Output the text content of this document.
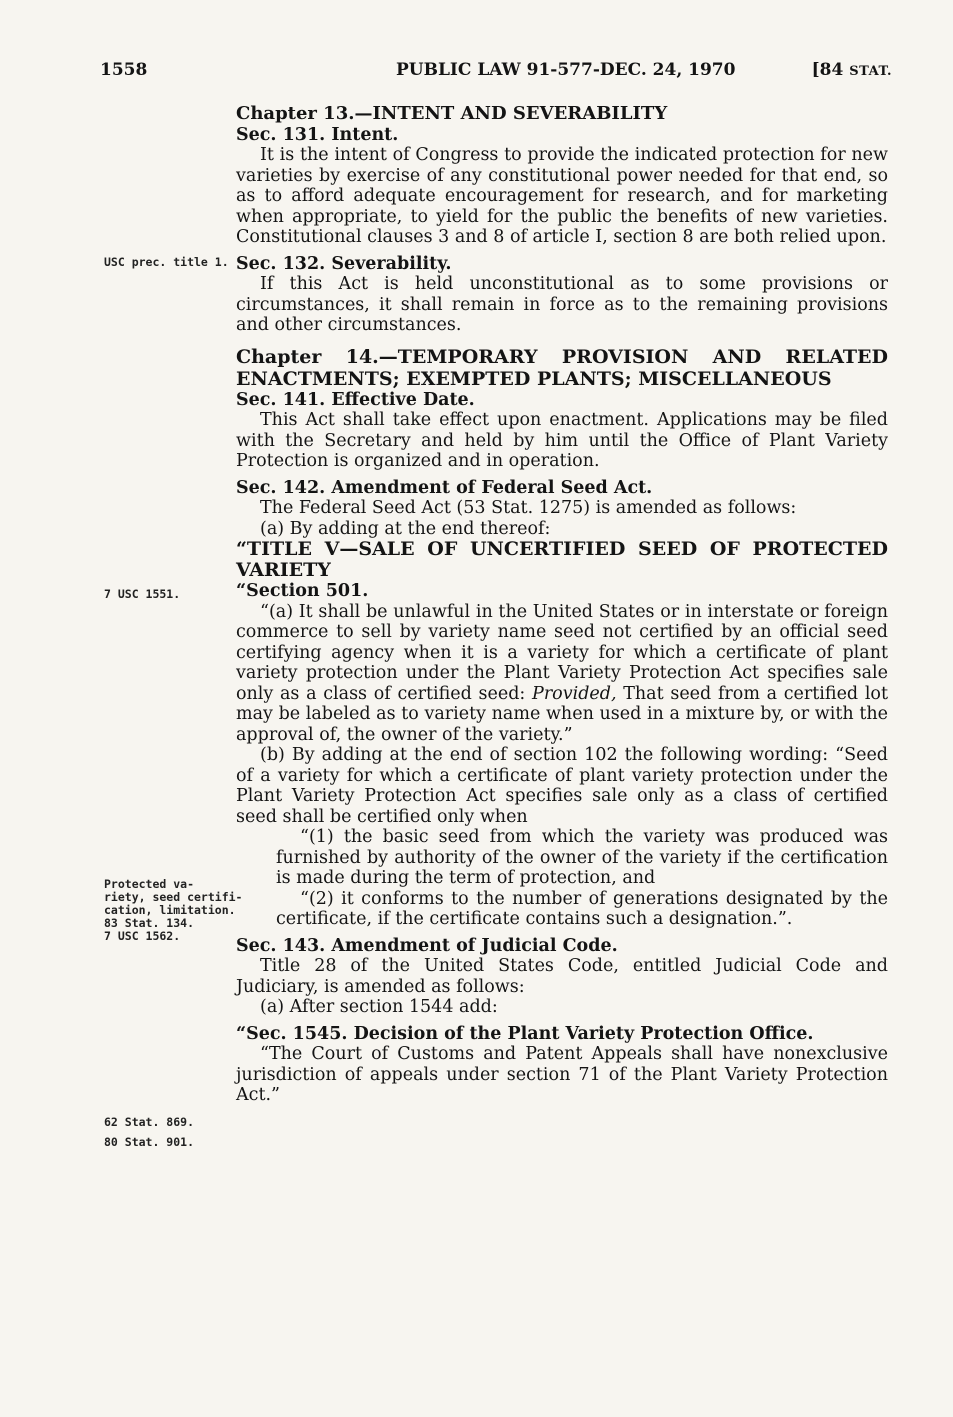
1558	PUBLIC LAW 91-577-DEC. 24, 1970	[84 STAT.
USC prec. title 1.
7 USC 1551.
Protected va-
riety, seed certifi-
cation, limitation.
83 Stat. 134.
7 USC 1562.
62 Stat. 869.
80 Stat. 901.

Chapter 13.—INTENT AND SEVERABILITY

Sec. 131. Intent.

It is the intent of Congress to provide the indicated protection for new varieties by exercise of any constitutional power needed for that end, so as to afford adequate encouragement for research, and for marketing when appropriate, to yield for the public the benefits of new varieties. Constitutional clauses 3 and 8 of article I, section 8 are both relied upon.

Sec. 132. Severability.

If this Act is held unconstitutional as to some provisions or circumstances, it shall remain in force as to the remaining provisions and other circumstances.

Chapter 14.—TEMPORARY PROVISION AND RELATED ENACTMENTS; EXEMPTED PLANTS; MISCELLANEOUS

Sec. 141. Effective Date.

This Act shall take effect upon enactment. Applications may be filed with the Secretary and held by him until the Office of Plant Variety Protection is organized and in operation.

Sec. 142. Amendment of Federal Seed Act.

The Federal Seed Act (53 Stat. 1275) is amended as follows:

(a) By adding at the end thereof:

“TITLE V—SALE OF UNCERTIFIED SEED OF PROTECTED VARIETY

“Section 501.

“(a) It shall be unlawful in the United States or in interstate or foreign commerce to sell by variety name seed not certified by an official seed certifying agency when it is a variety for which a certificate of plant variety protection under the Plant Variety Protection Act specifies sale only as a class of certified seed: Provided, That seed from a certified lot may be labeled as to variety name when used in a mixture by, or with the approval of, the owner of the variety.”

(b) By adding at the end of section 102 the following wording: “Seed of a variety for which a certificate of plant variety protection under the Plant Variety Protection Act specifies sale only as a class of certified seed shall be certified only when

“(1) the basic seed from which the variety was produced was furnished by authority of the owner of the variety if the certification is made during the term of protection, and

“(2) it conforms to the number of generations designated by the certificate, if the certificate contains such a designation.”.

Sec. 143. Amendment of Judicial Code.

Title 28 of the United States Code, entitled Judicial Code and Judiciary, is amended as follows:

(a) After section 1544 add:

“Sec. 1545. Decision of the Plant Variety Protection Office.

“The Court of Customs and Patent Appeals shall have nonexclusive jurisdiction of appeals under section 71 of the Plant Variety Protection Act.”
